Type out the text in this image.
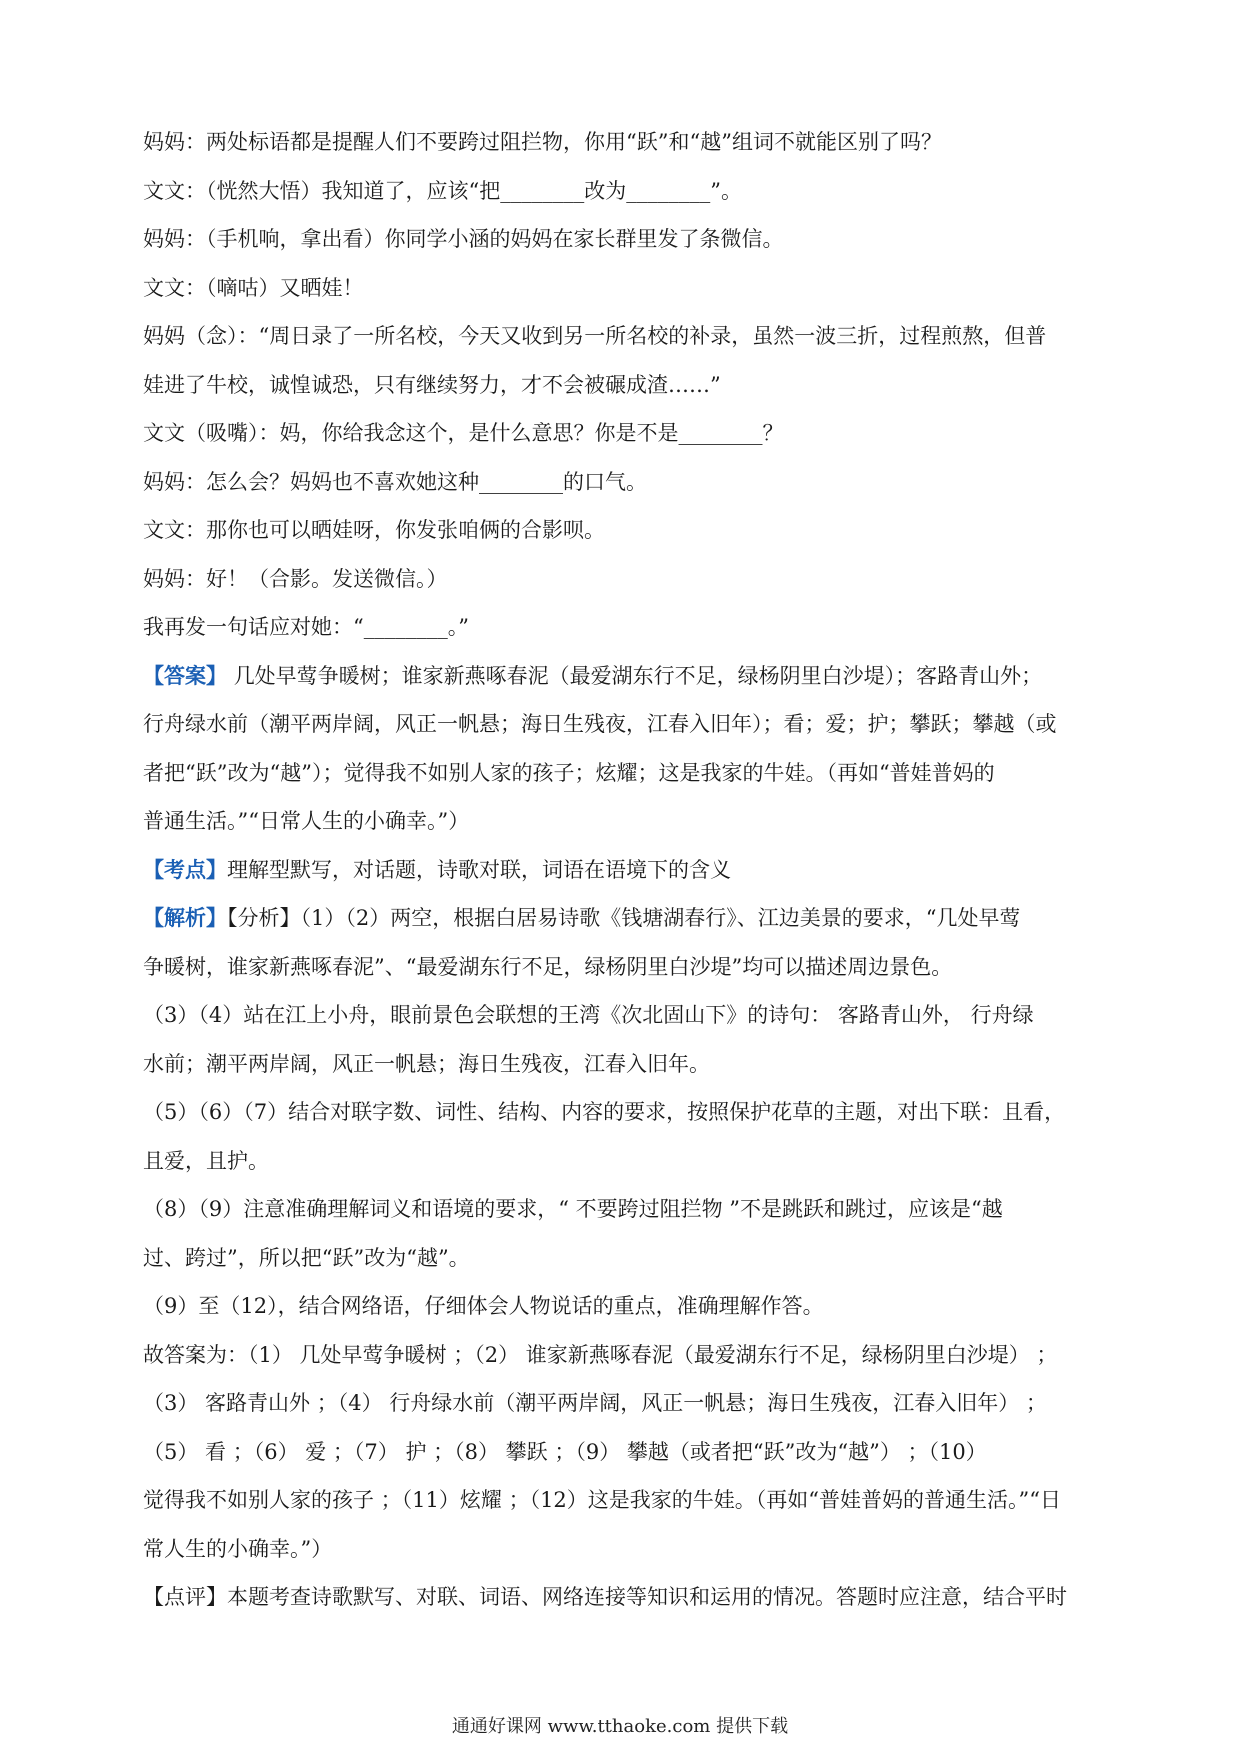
妈妈：两处标语都是提醒人们不要跨过阻拦物，你用“跃”和“越”组词不就能区别了吗？
文文：（恍然大悟）我知道了，应该“把________改为________”。
妈妈：（手机响，拿出看）你同学小涵的妈妈在家长群里发了条微信。
文文：（嘀咕）又晒娃！
妈妈（念）：“周日录了一所名校，今天又收到另一所名校的补录，虽然一波三折，过程煎熬，但普
娃进了牛校，诚惶诚恐，只有继续努力，才不会被碾成渣……”
文文（吸嘴）：妈，你给我念这个，是什么意思？你是不是________？
妈妈：怎么会？妈妈也不喜欢她这种________的口气。
文文：那你也可以晒娃呀，你发张咱俩的合影呗。
妈妈：好！（合影。发送微信。）
我再发一句话应对她：“________。”
【答案】 几处早莺争暖树；谁家新燕啄春泥（最爱湖东行不足，绿杨阴里白沙堤）；客路青山外；
行舟绿水前（潮平两岸阔，风正一帆悬；海日生残夜，江春入旧年）；看；爱；护；攀跃；攀越（或
者把“跃”改为“越”）；觉得我不如别人家的孩子；炫耀；这是我家的牛娃。（再如“普娃普妈的
普通生活。”“日常人生的小确幸。”）
【考点】理解型默写，对话题，诗歌对联，词语在语境下的含义
【解析】【分析】（1）（2）两空，根据白居易诗歌《钱塘湖春行》、江边美景的要求，“几处早莺
争暖树，谁家新燕啄春泥”、“最爱湖东行不足，绿杨阴里白沙堤”均可以描述周边景色。
（3）（4）站在江上小舟，眼前景色会联想的王湾《次北固山下》的诗句： 客路青山外， 行舟绿
水前；潮平两岸阔，风正一帆悬；海日生残夜，江春入旧年。
（5）（6）（7）结合对联字数、词性、结构、内容的要求，按照保护花草的主题，对出下联：且看，
且爱，且护。
（8）（9）注意准确理解词义和语境的要求，“ 不要跨过阻拦物 ”不是跳跃和跳过，应该是“越
过、跨过”，所以把“跃”改为“越”。
（9）至（12），结合网络语，仔细体会人物说话的重点，准确理解作答。
故答案为：（1） 几处早莺争暖树 ；（2） 谁家新燕啄春泥（最爱湖东行不足，绿杨阴里白沙堤） ；
（3） 客路青山外 ；（4） 行舟绿水前（潮平两岸阔，风正一帆悬；海日生残夜，江春入旧年） ；
（5） 看 ；（6） 爱 ；（7） 护 ；（8） 攀跃 ；（9） 攀越（或者把“跃”改为“越”） ；（10）
觉得我不如别人家的孩子 ；（11）炫耀 ；（12）这是我家的牛娃。（再如“普娃普妈的普通生活。”“日
常人生的小确幸。”）
【点评】本题考查诗歌默写、对联、词语、网络连接等知识和运用的情况。答题时应注意，结合平时
通通好课网 www.tthaoke.com 提供下载
